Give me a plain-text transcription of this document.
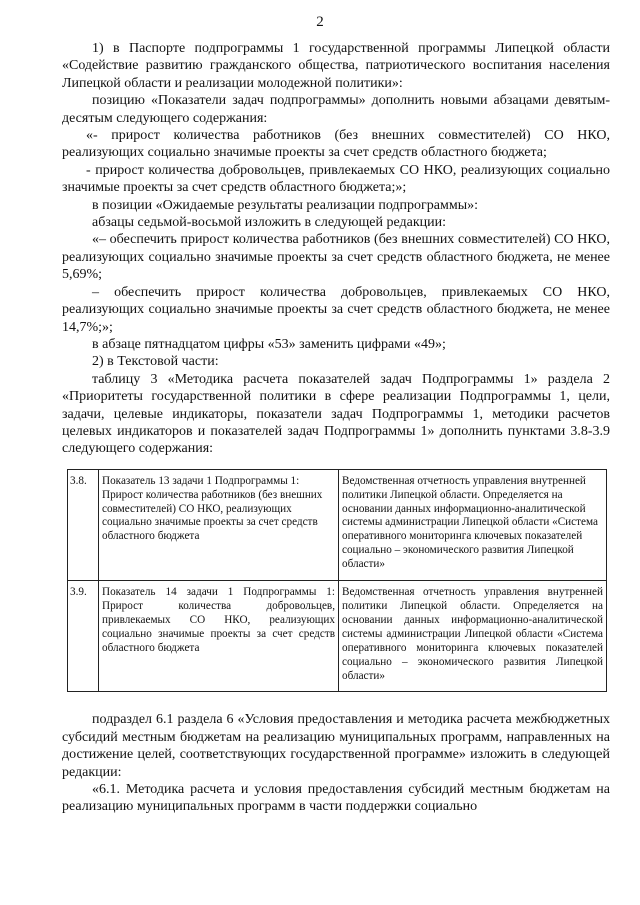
2

1) в Паспорте подпрограммы 1 государственной программы Липецкой области «Содействие развитию гражданского общества, патриотического воспитания населения Липецкой области и реализации молодежной политики»:

позицию «Показатели задач подпрограммы» дополнить новыми абзацами девятым-десятым следующего содержания:

«- прирост количества работников (без внешних совместителей) СО НКО, реализующих социально значимые проекты за счет средств областного бюджета;

- прирост количества добровольцев, привлекаемых СО НКО, реализующих социально значимые проекты за счет средств областного бюджета;»;

в позиции «Ожидаемые результаты реализации подпрограммы»:

абзацы седьмой-восьмой изложить в следующей редакции:

«– обеспечить прирост количества работников (без внешних совместителей) СО НКО, реализующих социально значимые проекты за счет средств областного бюджета, не менее 5,69%;

– обеспечить прирост количества добровольцев, привлекаемых СО НКО, реализующих социально значимые проекты за счет средств областного бюджета, не менее 14,7%;»;

в абзаце пятнадцатом цифры «53» заменить цифрами «49»;

2) в Текстовой части:

таблицу 3 «Методика расчета показателей задач Подпрограммы 1» раздела 2 «Приоритеты государственной политики в сфере реализации Подпрограммы 1, цели, задачи, целевые индикаторы, показатели задач Подпрограммы 1, методики расчетов целевых индикаторов и показателей задач Подпрограммы 1» дополнить пунктами 3.8-3.9 следующего содержания:

3.8.	Показатель 13 задачи 1 Подпрограммы 1: Прирост количества работников (без внешних совместителей) СО НКО, реализующих социально значимые проекты за счет средств областного бюджета	Ведомственная отчетность управления внутренней политики Липецкой области. Определяется на основании данных информационно-аналитической системы администрации Липецкой области «Система оперативного мониторинга ключевых показателей социально – экономического развития Липецкой области»
3.9.	Показатель 14 задачи 1 Подпрограммы 1: Прирост количества добровольцев, привлекаемых СО НКО, реализующих социально значимые проекты за счет средств областного бюджета	Ведомственная отчетность управления внутренней политики Липецкой области. Определяется на основании данных информационно-аналитической системы администрации Липецкой области «Система оперативного мониторинга ключевых показателей социально – экономического развития Липецкой области»

подраздел 6.1 раздела 6 «Условия предоставления и методика расчета межбюджетных субсидий местным бюджетам на реализацию муниципальных программ, направленных на достижение целей, соответствующих государственной программе» изложить в следующей редакции:

«6.1. Методика расчета и условия предоставления субсидий местным бюджетам на реализацию муниципальных программ в части поддержки социально
